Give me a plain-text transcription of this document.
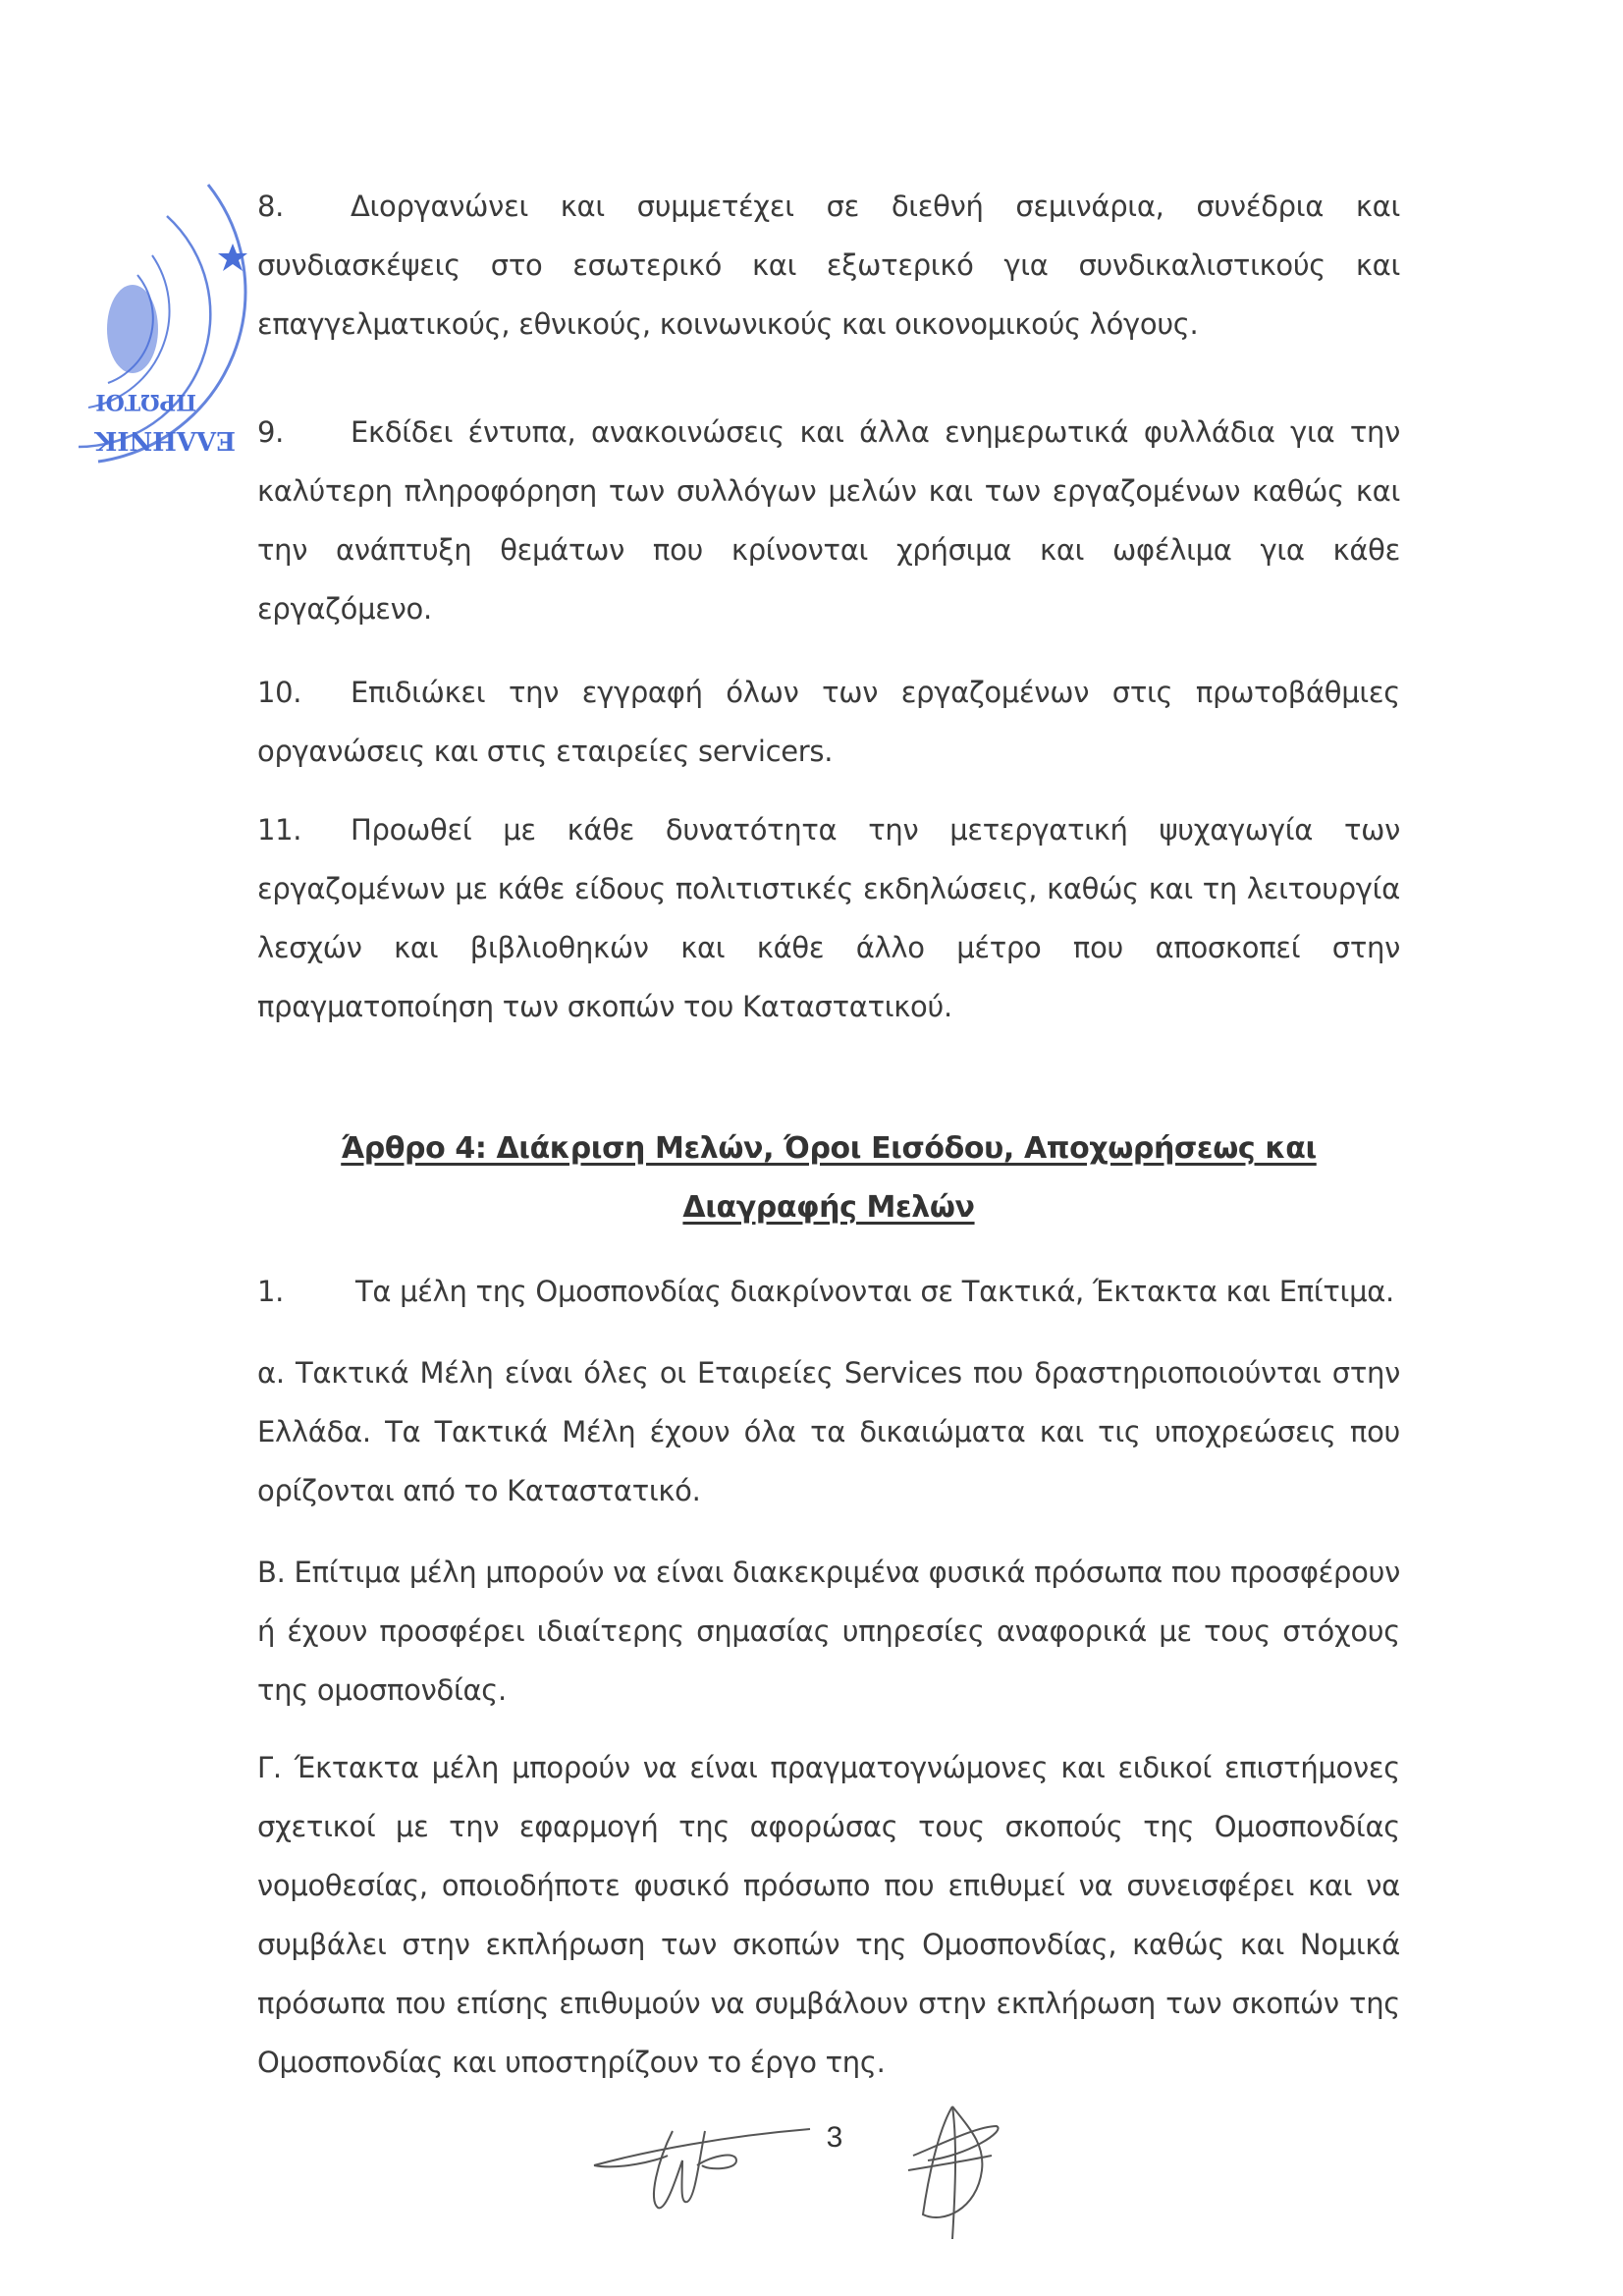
ΕΛΛΗΝΙΚ
ΠΡΩΤΟΙ

8. Διοργανώνει και συμμετέχει σε διεθνή σεμινάρια, συνέδρια και συνδιασκέψεις στο εσωτερικό και εξωτερικό για συνδικαλιστικούς και επαγγελματικούς, εθνικούς, κοινωνικούς και οικονομικούς λόγους.

9. Εκδίδει έντυπα, ανακοινώσεις και άλλα ενημερωτικά φυλλάδια για την καλύτερη πληροφόρηση των συλλόγων μελών και των εργαζομένων καθώς και την ανάπτυξη θεμάτων που κρίνονται χρήσιμα και ωφέλιμα για κάθε εργαζόμενο.

10. Επιδιώκει την εγγραφή όλων των εργαζομένων στις πρωτοβάθμιες οργανώσεις και στις εταιρείες servicers.

11. Προωθεί με κάθε δυνατότητα την μετεργατική ψυχαγωγία των εργαζομένων με κάθε είδους πολιτιστικές εκδηλώσεις, καθώς και τη λειτουργία λεσχών και βιβλιοθηκών και κάθε άλλο μέτρο που αποσκοπεί στην πραγματοποίηση των σκοπών του Καταστατικού.

Άρθρο 4: Διάκριση Μελών, Όροι Εισόδου, Αποχωρήσεως και
Διαγραφής Μελών

1.	Τα μέλη της Ομοσπονδίας διακρίνονται σε Τακτικά, Έκτακτα και Επίτιμα.

α. Τακτικά Μέλη είναι όλες οι Εταιρείες Services που δραστηριοποιούνται στην Ελλάδα. Τα Τακτικά Μέλη έχουν όλα τα δικαιώματα και τις υποχρεώσεις που ορίζονται από το Καταστατικό.

Β. Επίτιμα μέλη μπορούν να είναι διακεκριμένα φυσικά πρόσωπα που προσφέρουν ή έχουν προσφέρει ιδιαίτερης σημασίας υπηρεσίες αναφορικά με τους στόχους της ομοσπονδίας.

Γ. Έκτακτα μέλη μπορούν να είναι πραγματογνώμονες και ειδικοί επιστήμονες σχετικοί με την εφαρμογή της αφορώσας τους σκοπούς της Ομοσπονδίας νομοθεσίας, οποιοδήποτε φυσικό πρόσωπο που επιθυμεί να συνεισφέρει και να συμβάλει στην εκπλήρωση των σκοπών της Ομοσπονδίας, καθώς και Νομικά πρόσωπα που επίσης επιθυμούν να συμβάλουν στην εκπλήρωση των σκοπών της Ομοσπονδίας και υποστηρίζουν το έργο της.

3
